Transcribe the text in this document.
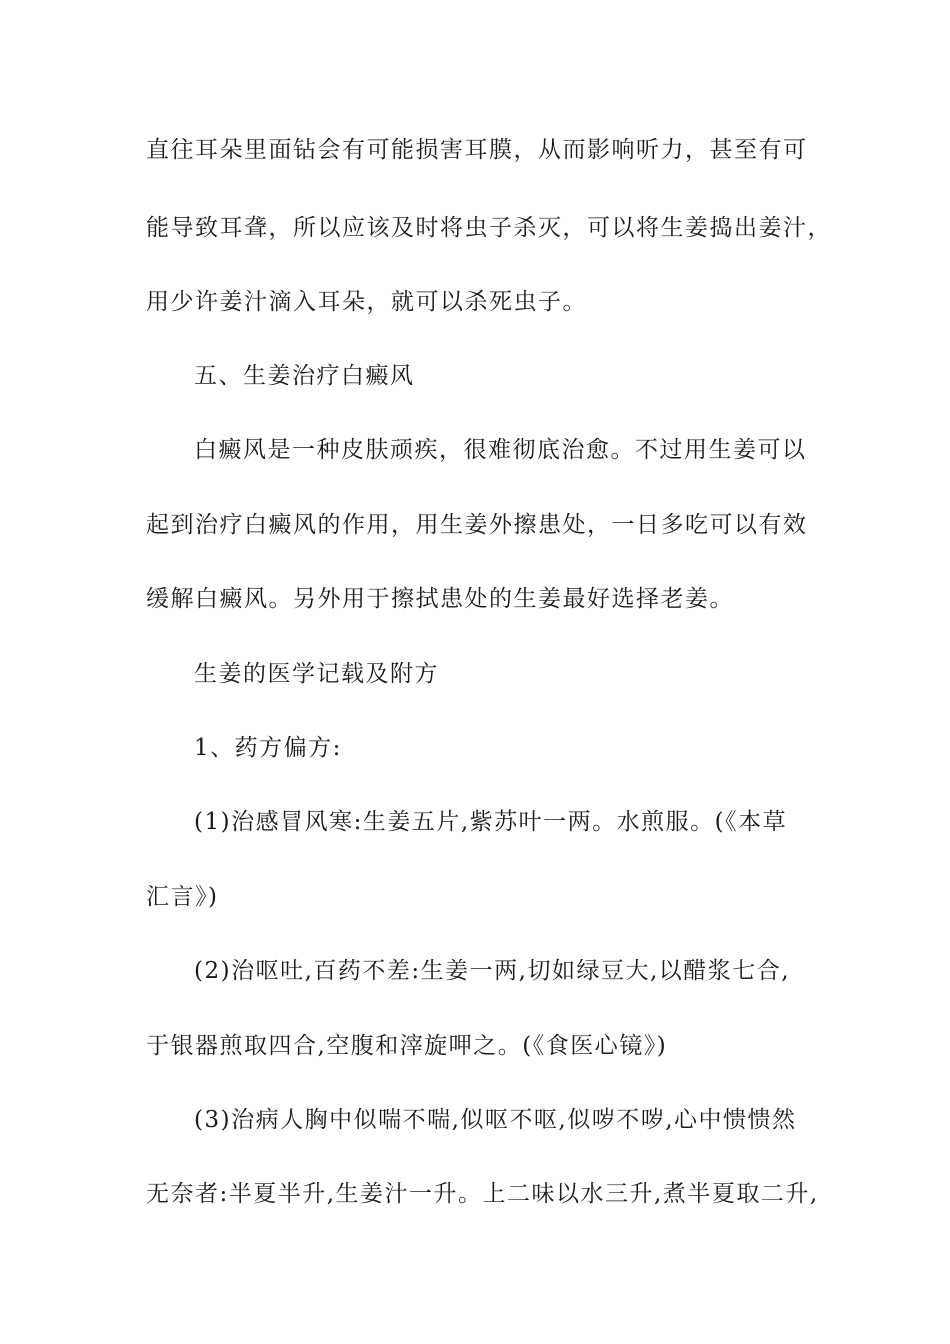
直往耳朵里面钻会有可能损害耳膜，从而影响听力，甚至有可
能导致耳聋，所以应该及时将虫子杀灭，可以将生姜捣出姜汁，
用少许姜汁滴入耳朵，就可以杀死虫子。
五、生姜治疗白癜风
白癜风是一种皮肤顽疾，很难彻底治愈。不过用生姜可以
起到治疗白癜风的作用，用生姜外擦患处，一日多吃可以有效
缓解白癜风。另外用于擦拭患处的生姜最好选择老姜。
生姜的医学记载及附方
1、药方偏方:
(1)治感冒风寒:生姜五片,紫苏叶一两。水煎服。(《本草
汇言》)
(2)治呕吐,百药不差:生姜一两,切如绿豆大,以醋浆七合,
于银器煎取四合,空腹和滓旋呷之。(《食医心镜》)
(3)治病人胸中似喘不喘,似呕不呕,似哕不哕,心中愦愦然
无奈者:半夏半升,生姜汁一升。上二味以水三升,煮半夏取二升,
